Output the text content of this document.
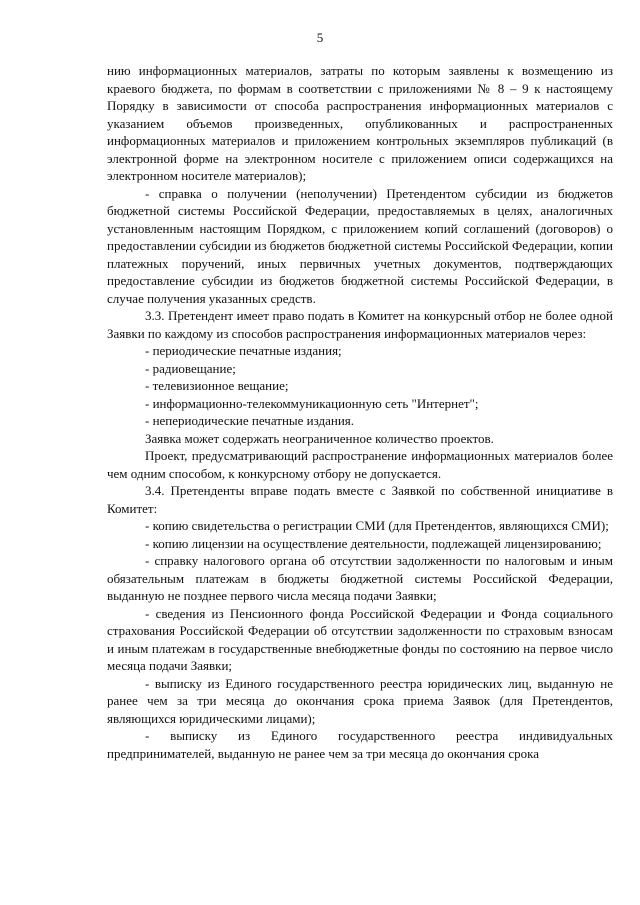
5

нию информационных материалов, затраты по которым заявлены к возмещению из краевого бюджета, по формам в соответствии с приложениями № 8 – 9 к настоящему Порядку в зависимости от способа распространения информационных материалов с указанием объемов произведенных, опубликованных и распространенных информационных материалов и приложением контрольных экземпляров публикаций (в электронной форме на электронном носителе с приложением описи содержащихся на электронном носителе материалов);

- справка о получении (неполучении) Претендентом субсидии из бюджетов бюджетной системы Российской Федерации, предоставляемых в целях, аналогичных установленным настоящим Порядком, с приложением копий соглашений (договоров) о предоставлении субсидии из бюджетов бюджетной системы Российской Федерации, копии платежных поручений, иных первичных учетных документов, подтверждающих предоставление субсидии из бюджетов бюджетной системы Российской Федерации, в случае получения указанных средств.

3.3. Претендент имеет право подать в Комитет на конкурсный отбор не более одной Заявки по каждому из способов распространения информационных материалов через:

- периодические печатные издания;

- радиовещание;

- телевизионное вещание;

- информационно-телекоммуникационную сеть "Интернет";

- непериодические печатные издания.

Заявка может содержать неограниченное количество проектов.

Проект, предусматривающий распространение информационных материалов более чем одним способом, к конкурсному отбору не допускается.

3.4. Претенденты вправе подать вместе с Заявкой по собственной инициативе в Комитет:

- копию свидетельства о регистрации СМИ (для Претендентов, являющихся СМИ);

- копию лицензии на осуществление деятельности, подлежащей лицензированию;

- справку налогового органа об отсутствии задолженности по налоговым и иным обязательным платежам в бюджеты бюджетной системы Российской Федерации, выданную не позднее первого числа месяца подачи Заявки;

- сведения из Пенсионного фонда Российской Федерации и Фонда социального страхования Российской Федерации об отсутствии задолженности по страховым взносам и иным платежам в государственные внебюджетные фонды по состоянию на первое число месяца подачи Заявки;

- выписку из Единого государственного реестра юридических лиц, выданную не ранее чем за три месяца до окончания срока приема Заявок (для Претендентов, являющихся юридическими лицами);

- выписку из Единого государственного реестра индивидуальных предпринимателей, выданную не ранее чем за три месяца до окончания срока
